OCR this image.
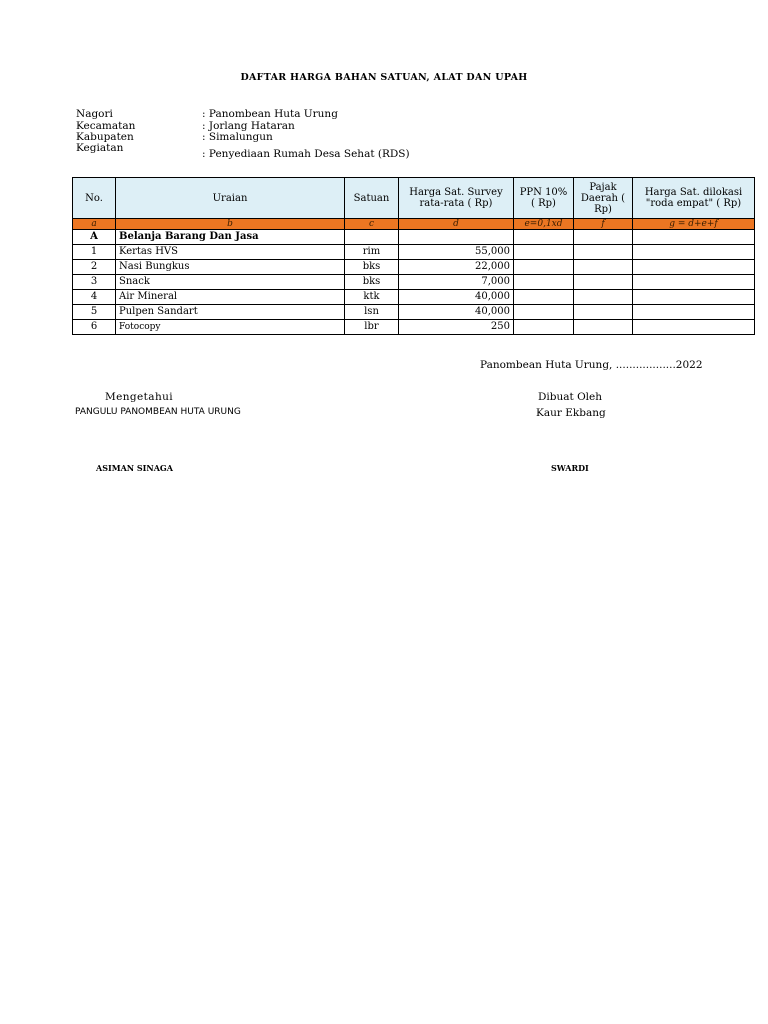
DAFTAR HARGA BAHAN SATUAN, ALAT DAN UPAH
Nagori	: Panombean Huta Urung
Kecamatan	: Jorlang Hataran
Kabupaten	: Simalungun
Kegiatan	: Penyediaan Rumah Desa Sehat (RDS)
No.	Uraian	Satuan	Harga Sat. Survey rata-rata ( Rp)	PPN 10% ( Rp)	Pajak Daerah ( Rp)	Harga Sat. dilokasi "roda empat" ( Rp)
a	b	c	d	e=0,1xd	f	g = d+e+f
A	Belanja Barang Dan Jasa					
1	Kertas HVS	rim	55,000			
2	Nasi Bungkus	bks	22,000			
3	Snack	bks	7,000			
4	Air Mineral	ktk	40,000			
5	Pulpen Sandart	lsn	40,000			
6	Fotocopy	lbr	250			
Panombean Huta Urung, ..................2022
Mengetahui
PANGULU PANOMBEAN HUTA URUNG
ASIMAN SINAGA
Dibuat Oleh
Kaur Ekbang
SWARDI
